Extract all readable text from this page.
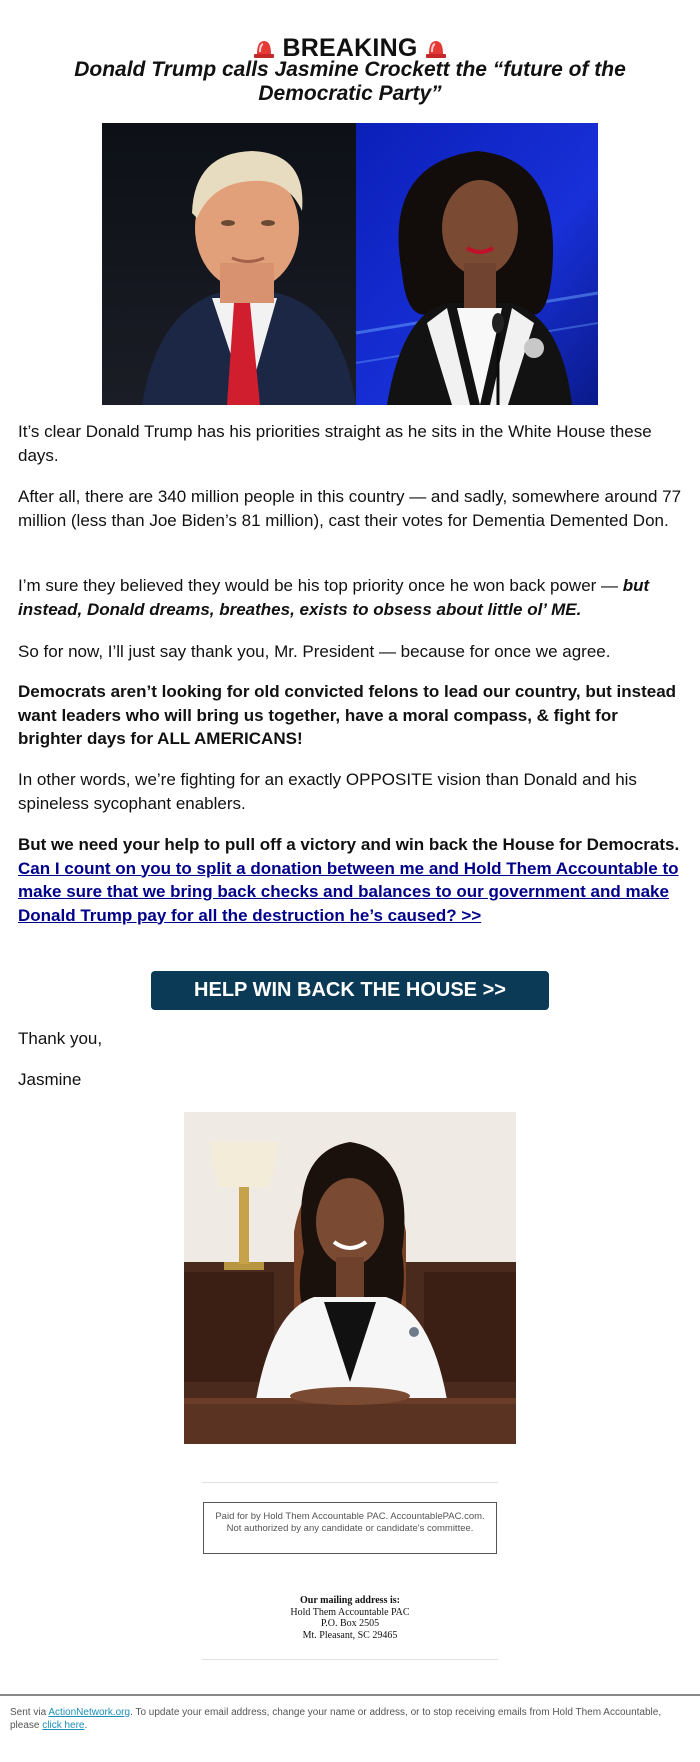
BREAKING
Donald Trump calls Jasmine Crockett the “future of the Democratic Party”

It’s clear Donald Trump has his priorities straight as he sits in the White House these days.

After all, there are 340 million people in this country — and sadly, somewhere around 77 million (less than Joe Biden’s 81 million), cast their votes for Dementia Demented Don.

I’m sure they believed they would be his top priority once he won back power — but instead, Donald dreams, breathes, exists to obsess about little ol’ ME.

So for now, I’ll just say thank you, Mr. President — because for once we agree.

Democrats aren’t looking for old convicted felons to lead our country, but instead want leaders who will bring us together, have a moral compass, & fight for brighter days for ALL AMERICANS!

In other words, we’re fighting for an exactly OPPOSITE vision than Donald and his spineless sycophant enablers.

But we need your help to pull off a victory and win back the House for Democrats. Can I count on you to split a donation between me and Hold Them Accountable to make sure that we bring back checks and balances to our government and make Donald Trump pay for all the destruction he’s caused? >>

HELP WIN BACK THE HOUSE >>

Thank you,

Jasmine

Paid for by Hold Them Accountable PAC. AccountablePAC.com. Not authorized by any candidate or candidate's committee.
Our mailing address is:
Hold Them Accountable PAC
P.O. Box 2505
Mt. Pleasant, SC 29465
Sent via ActionNetwork.org. To update your email address, change your name or address, or to stop receiving emails from Hold Them Accountable, please click here.
